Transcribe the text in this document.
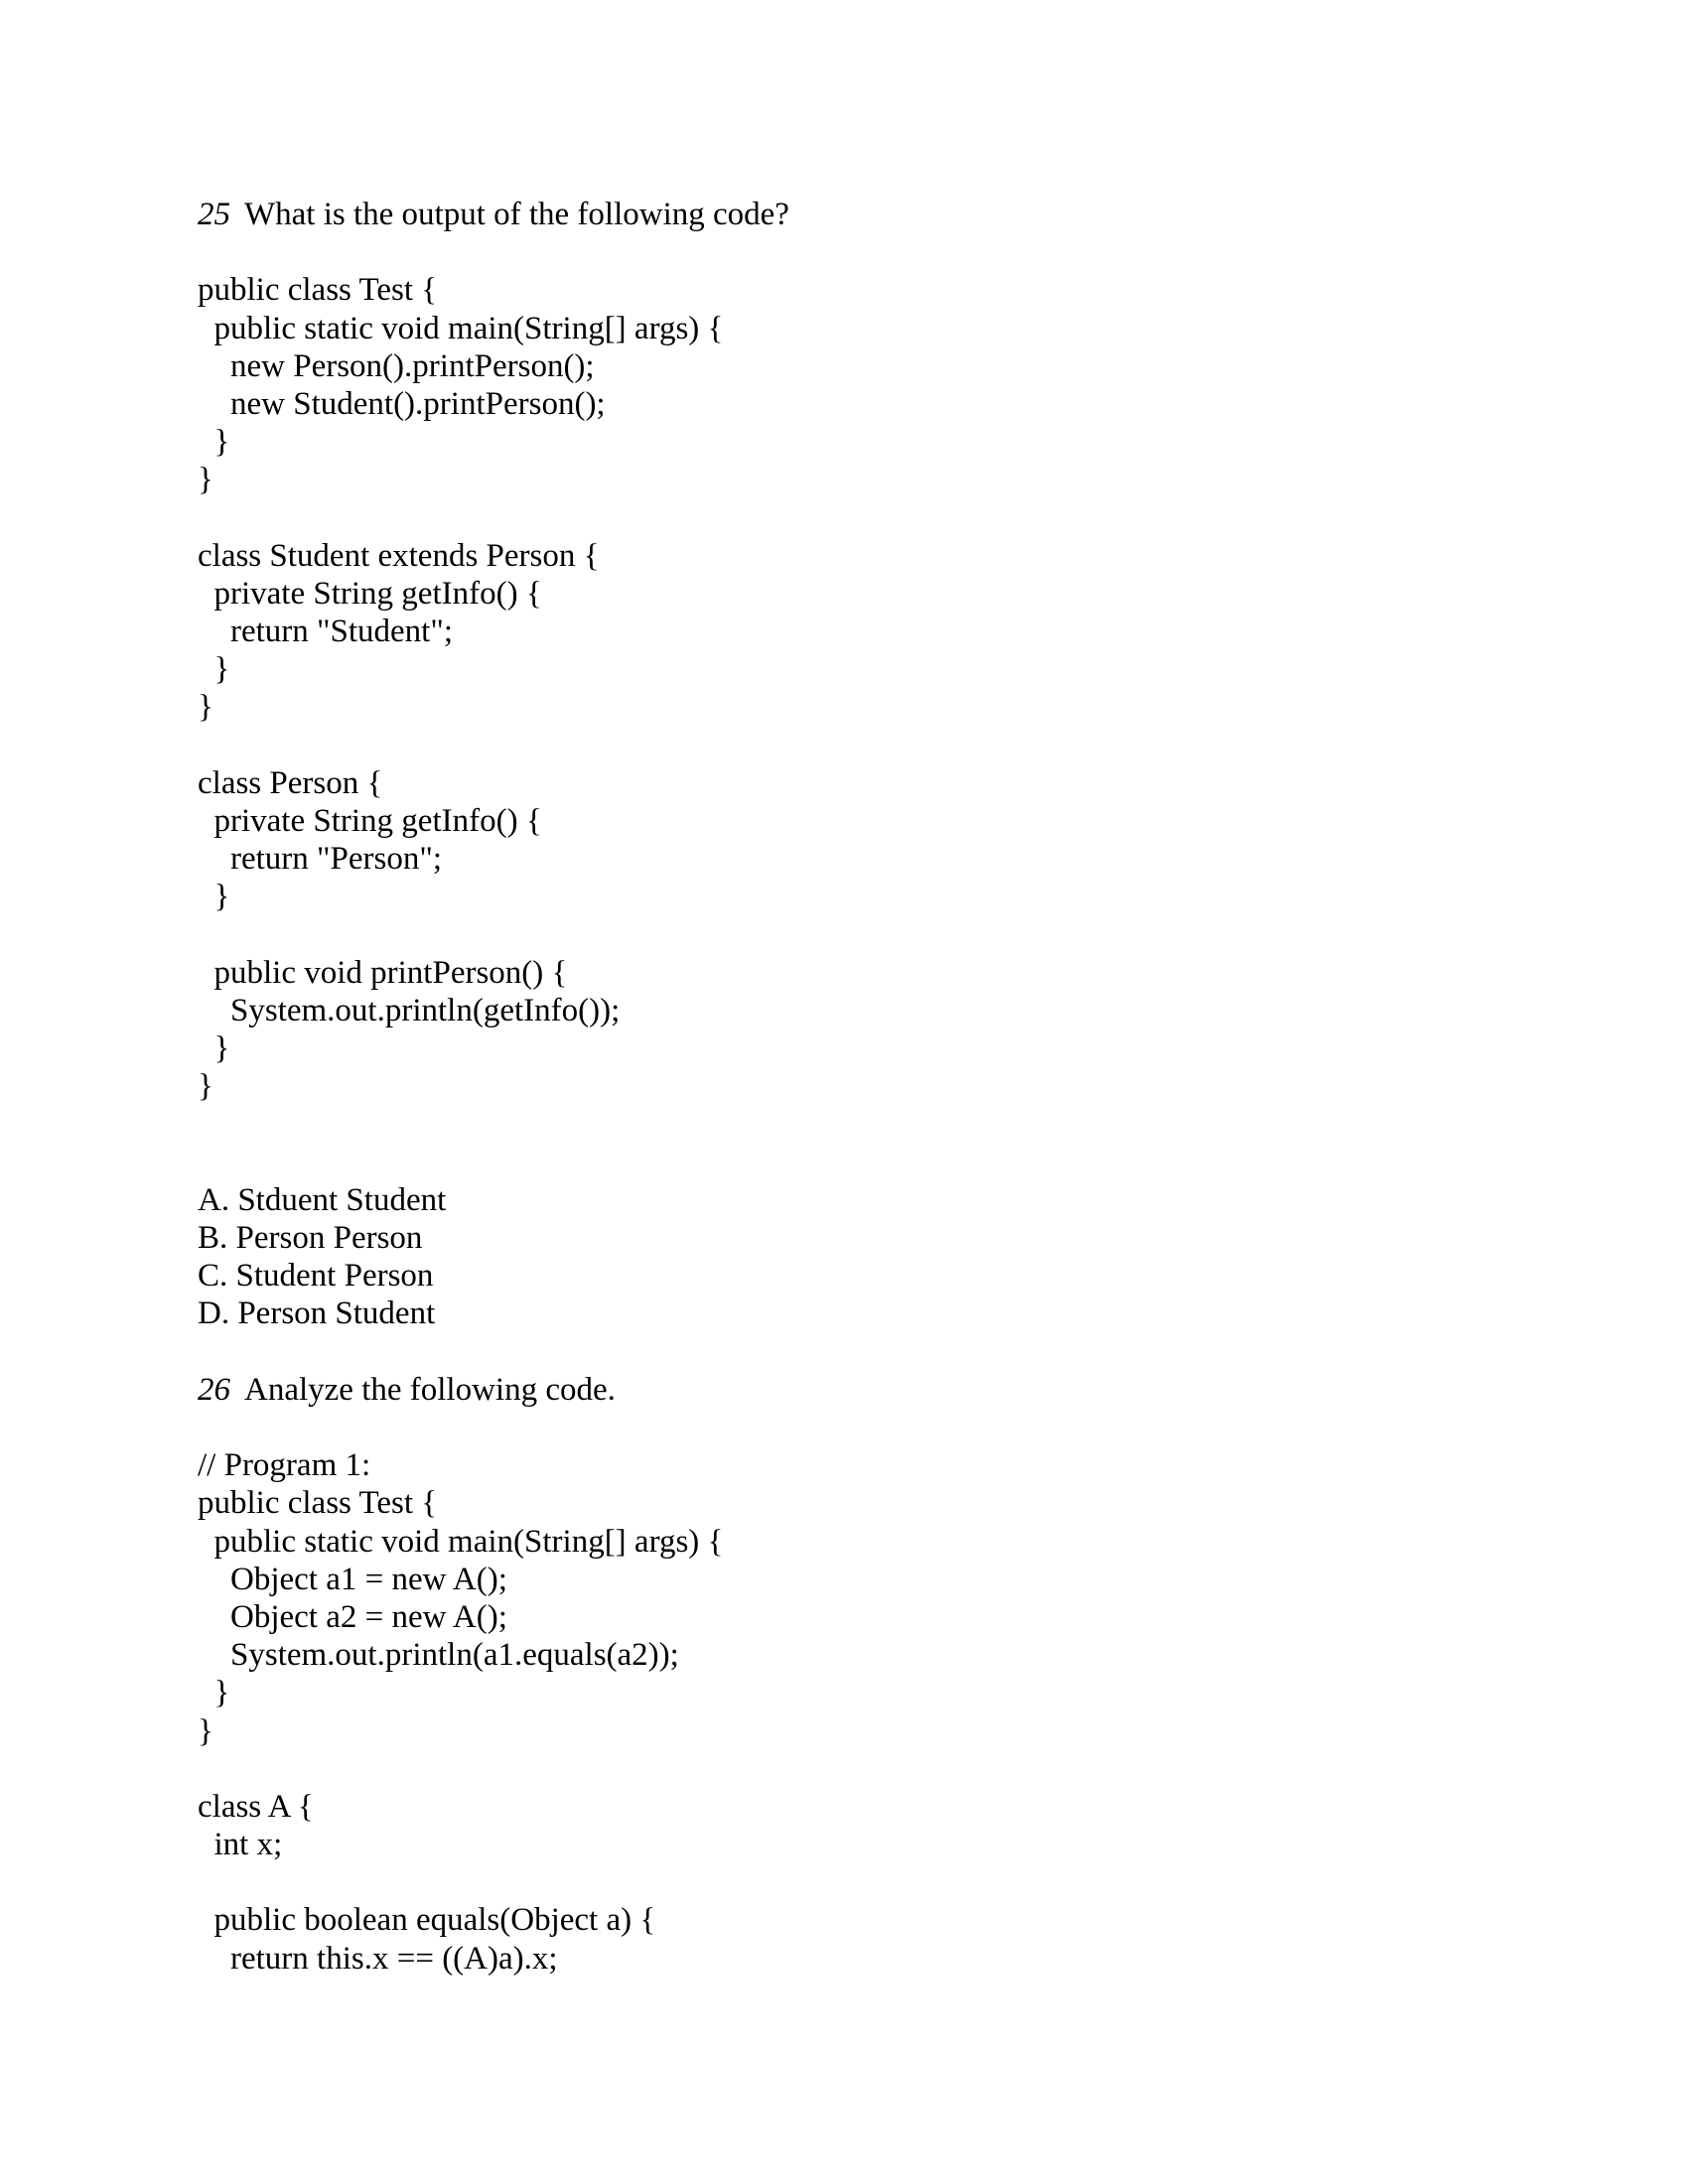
25 What is the output of the following code?
public class Test {
public static void main(String[] args) {
new Person().printPerson();
new Student().printPerson();
}
}
class Student extends Person {
private String getInfo() {
return "Student";
}
}
class Person {
private String getInfo() {
return "Person";
}
public void printPerson() {
System.out.println(getInfo());
}
}
A. Stduent Student
B. Person Person
C. Student Person
D. Person Student
26 Analyze the following code.
// Program 1:
public class Test {
public static void main(String[] args) {
Object a1 = new A();
Object a2 = new A();
System.out.println(a1.equals(a2));
}
}
class A {
int x;
public boolean equals(Object a) {
return this.x == ((A)a).x;
